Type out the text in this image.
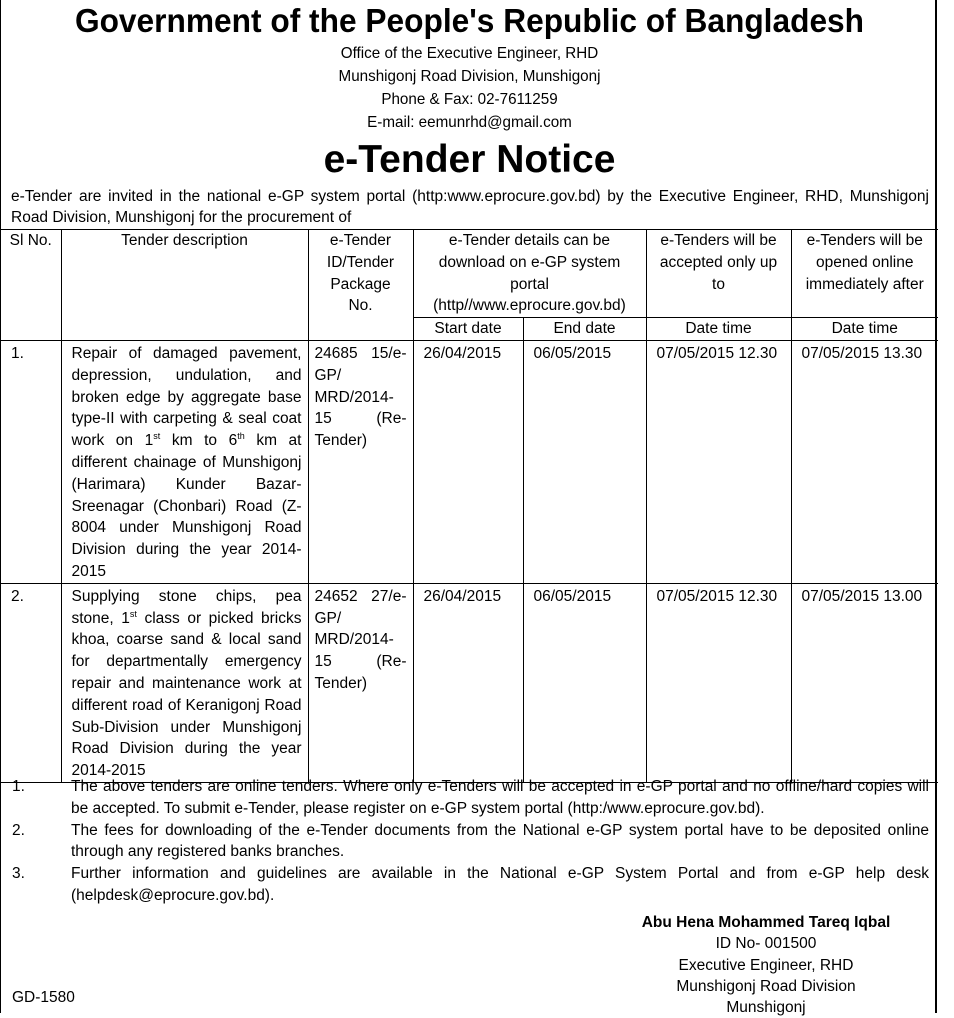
Government of the People's Republic of Bangladesh
Office of the Executive Engineer, RHD
Munshigonj Road Division, Munshigonj
Phone & Fax: 02-7611259
E-mail: eemunrhd@gmail.com
e-Tender Notice
e-Tender are invited in the national e-GP system portal (http:www.eprocure.gov.bd) by the Executive Engineer, RHD, Munshigonj Road Division, Munshigonj for the procurement of
Sl No.	Tender description	e-Tender ID/Tender Package No.	e-Tender details can be download on e-GP system portal (http//www.eprocure.gov.bd)		e-Tenders will be accepted only up to	e-Tenders will be opened online immediately after
			Start date	End date	Date time	Date time
1.	Repair of damaged pavement, depression, undulation, and broken edge by aggregate base type-II with carpeting & seal coat work on 1st km to 6th km at different chainage of Munshigonj (Harimara) Kunder Bazar-Sreenagar (Chonbari) Road (Z-8004 under Munshigonj Road Division during the year 2014-2015	24685 15/e-GP/ MRD/2014-15 (Re-Tender)	26/04/2015	06/05/2015	07/05/2015 12.30	07/05/2015 13.30
2.	Supplying stone chips, pea stone, 1st class or picked bricks khoa, coarse sand & local sand for departmentally emergency repair and maintenance work at different road of Keranigonj Road Sub-Division under Munshigonj Road Division during the year 2014-2015	24652 27/e-GP/ MRD/2014-15 (Re-Tender)	26/04/2015	06/05/2015	07/05/2015 12.30	07/05/2015 13.00
1.	The above tenders are online tenders. Where only e-Tenders will be accepted in e-GP portal and no offline/hard copies will be accepted. To submit e-Tender, please register on e-GP system portal (http:/www.eprocure.gov.bd).
2.	The fees for downloading of the e-Tender documents from the National e-GP system portal have to be deposited online through any registered banks branches.
3.	Further information and guidelines are available in the National e-GP System Portal and from e-GP help desk (helpdesk@eprocure.gov.bd).
Abu Hena Mohammed Tareq Iqbal
ID No- 001500
Executive Engineer, RHD
Munshigonj Road Division
Munshigonj
GD-1580
